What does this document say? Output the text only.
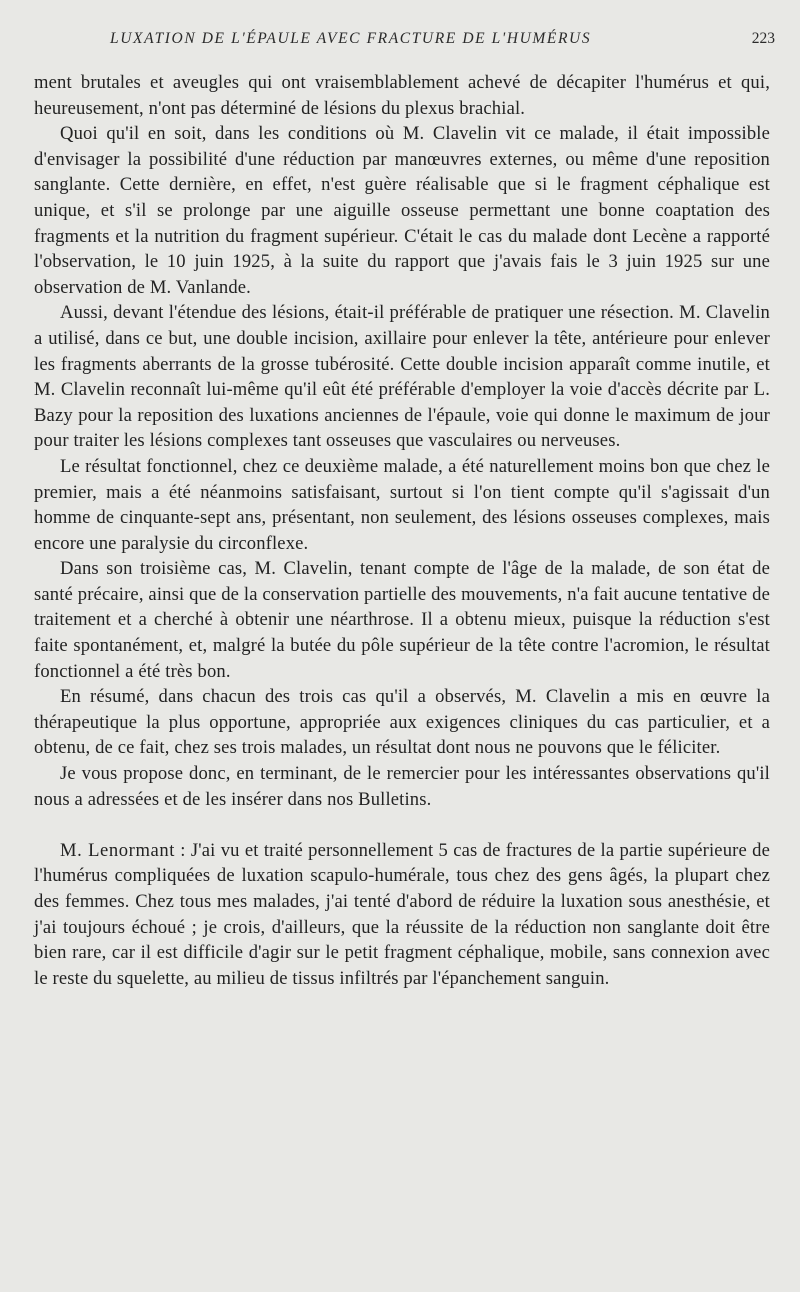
LUXATION DE L'ÉPAULE AVEC FRACTURE DE L'HUMÉRUS	223

ment brutales et aveugles qui ont vraisemblablement achevé de décapiter l'humérus et qui, heureusement, n'ont pas déterminé de lésions du plexus brachial.

Quoi qu'il en soit, dans les conditions où M. Clavelin vit ce malade, il était impossible d'envisager la possibilité d'une réduction par manœuvres externes, ou même d'une reposition sanglante. Cette dernière, en effet, n'est guère réalisable que si le fragment céphalique est unique, et s'il se prolonge par une aiguille osseuse permettant une bonne coaptation des fragments et la nutrition du fragment supérieur. C'était le cas du malade dont Lecène a rapporté l'observation, le 10 juin 1925, à la suite du rapport que j'avais fais le 3 juin 1925 sur une observation de M. Vanlande.

Aussi, devant l'étendue des lésions, était-il préférable de pratiquer une résection. M. Clavelin a utilisé, dans ce but, une double incision, axillaire pour enlever la tête, antérieure pour enlever les fragments aberrants de la grosse tubérosité. Cette double incision apparaît comme inutile, et M. Clavelin reconnaît lui-même qu'il eût été préférable d'employer la voie d'accès décrite par L. Bazy pour la reposition des luxations anciennes de l'épaule, voie qui donne le maximum de jour pour traiter les lésions complexes tant osseuses que vasculaires ou nerveuses.

Le résultat fonctionnel, chez ce deuxième malade, a été naturellement moins bon que chez le premier, mais a été néanmoins satisfaisant, surtout si l'on tient compte qu'il s'agissait d'un homme de cinquante-sept ans, présentant, non seulement, des lésions osseuses complexes, mais encore une paralysie du circonflexe.

Dans son troisième cas, M. Clavelin, tenant compte de l'âge de la malade, de son état de santé précaire, ainsi que de la conservation partielle des mouvements, n'a fait aucune tentative de traitement et a cherché à obtenir une néarthrose. Il a obtenu mieux, puisque la réduction s'est faite spontanément, et, malgré la butée du pôle supérieur de la tête contre l'acromion, le résultat fonctionnel a été très bon.

En résumé, dans chacun des trois cas qu'il a observés, M. Clavelin a mis en œuvre la thérapeutique la plus opportune, appropriée aux exigences cliniques du cas particulier, et a obtenu, de ce fait, chez ses trois malades, un résultat dont nous ne pouvons que le féliciter.

Je vous propose donc, en terminant, de le remercier pour les intéressantes observations qu'il nous a adressées et de les insérer dans nos Bulletins.

M. Lenormant : J'ai vu et traité personnellement 5 cas de fractures de la partie supérieure de l'humérus compliquées de luxation scapulo-humérale, tous chez des gens âgés, la plupart chez des femmes. Chez tous mes malades, j'ai tenté d'abord de réduire la luxation sous anesthésie, et j'ai toujours échoué ; je crois, d'ailleurs, que la réussite de la réduction non sanglante doit être bien rare, car il est difficile d'agir sur le petit fragment céphalique, mobile, sans connexion avec le reste du squelette, au milieu de tissus infiltrés par l'épanchement sanguin.
